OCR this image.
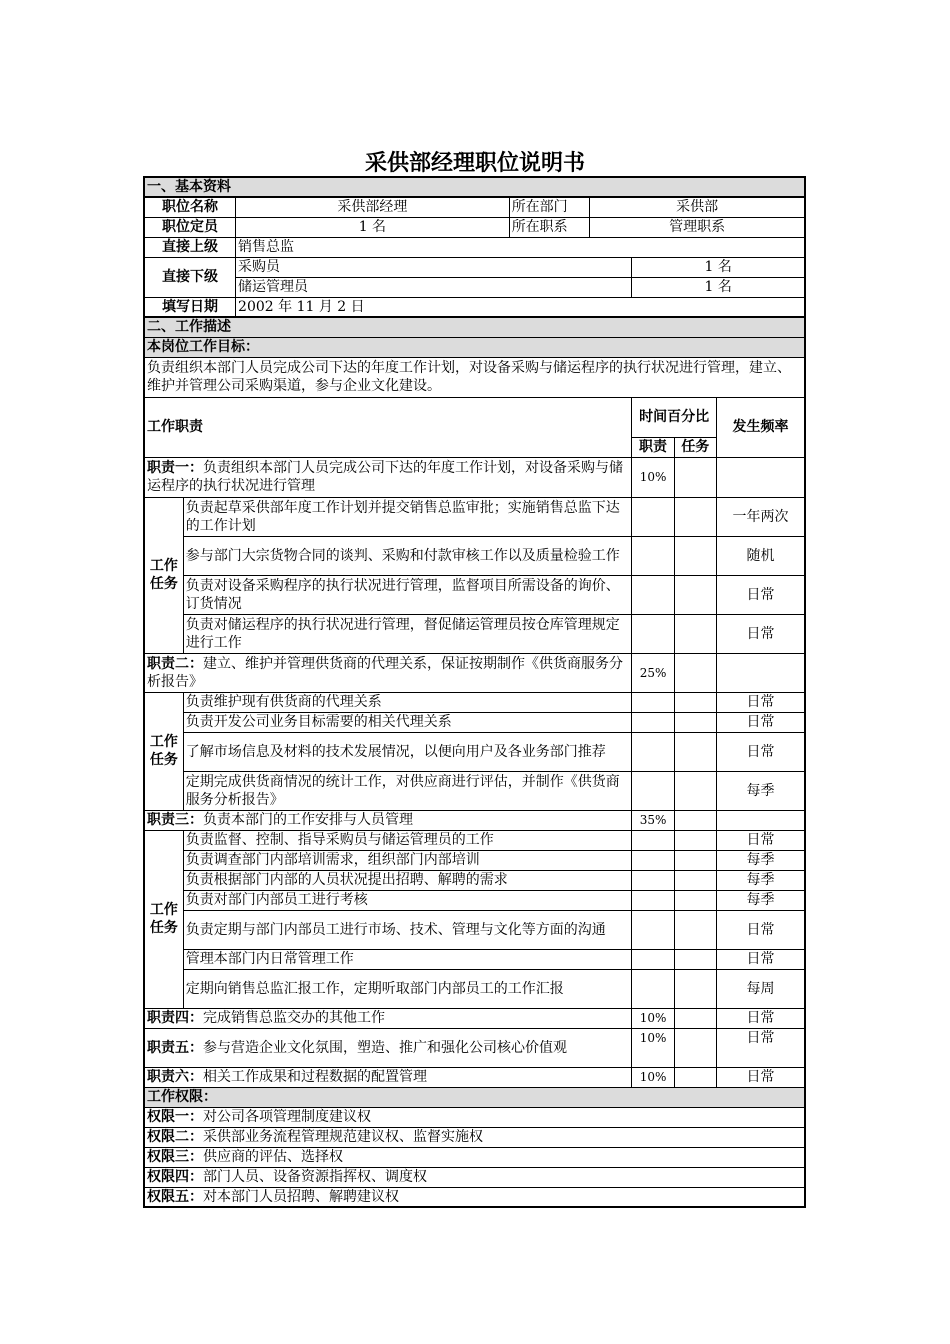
采供部经理职位说明书
一、基本资料							
职位名称		采供部经理	所在部门	采供部			
职位定员		1 名	所在职系	管理职系			
直接上级		销售总监					
直接下级		采购员			1 名		
		储运管理员			1 名		
填写日期		2002 年 11 月 2 日					
二、工作描述							
本岗位工作目标：							
负责组织本部门人员完成公司下达的年度工作计划，对设备采购与储运程序的执行状况进行管理，建立、维护并管理公司采购渠道，参与企业文化建设。							
工作职责					时间百分比		发生频率
					职责	任务	
职责一：负责组织本部门人员完成公司下达的年度工作计划，对设备采购与储运程序的执行状况进行管理					10%		
工作任务	负责起草采供部年度工作计划并提交销售总监审批；实施销售总监下达的工作计划						一年两次
	参与部门大宗货物合同的谈判、采购和付款审核工作以及质量检验工作						随机
	负责对设备采购程序的执行状况进行管理，监督项目所需设备的询价、订货情况						日常
	负责对储运程序的执行状况进行管理，督促储运管理员按仓库管理规定进行工作						日常
职责二：建立、维护并管理供货商的代理关系，保证按期制作《供货商服务分析报告》					25%		
工作任务	负责维护现有供货商的代理关系						日常
	负责开发公司业务目标需要的相关代理关系						日常
	了解市场信息及材料的技术发展情况，以便向用户及各业务部门推荐						日常
	定期完成供货商情况的统计工作，对供应商进行评估，并制作《供货商服务分析报告》						每季
职责三：负责本部门的工作安排与人员管理					35%		
工作任务	负责监督、控制、指导采购员与储运管理员的工作						日常
	负责调查部门内部培训需求，组织部门内部培训						每季
	负责根据部门内部的人员状况提出招聘、解聘的需求						每季
	负责对部门内部员工进行考核						每季
	负责定期与部门内部员工进行市场、技术、管理与文化等方面的沟通						日常
	管理本部门内日常管理工作						日常
	定期向销售总监汇报工作，定期听取部门内部员工的工作汇报						每周
职责四：完成销售总监交办的其他工作					10%		日常
职责五：参与营造企业文化氛围，塑造、推广和强化公司核心价值观					10%		日常
职责六：相关工作成果和过程数据的配置管理					10%		日常
工作权限：							
权限一：对公司各项管理制度建议权							
权限二：采供部业务流程管理规范建议权、监督实施权							
权限三：供应商的评估、选择权							
权限四：部门人员、设备资源指挥权、调度权							
权限五：对本部门人员招聘、解聘建议权							
